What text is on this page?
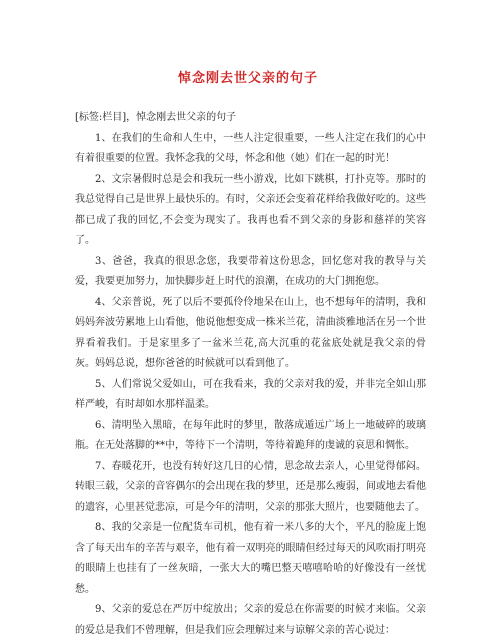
悼念刚去世父亲的句子

[标签:栏目]，悼念刚去世父亲的句子

1、在我们的生命和人生中，一些人注定很重要，一些人注定在我们的心中有着很重要的位置。我怀念我的父母，怀念和他（她）们在一起的时光！

2、文宗暑假时总是会和我玩一些小游戏，比如下跳棋，打扑克等。那时的我总觉得自己是世界上最快乐的。有时，父亲还会变着花样给我做好吃的。这些都已成了我的回忆,不会变为现实了。我再也看不到父亲的身影和慈祥的笑容了。

3、爸爸，我真的很思念您，我要带着这份思念，回忆您对我的教导与关爱，我要更加努力，加快脚步赶上时代的浪潮，在成功的大门拥抱您。

4、父亲普说，死了以后不要孤伶伶地呆在山上，也不想每年的清明，我和妈妈奔波劳累地上山看他，他说他想变成一株米兰花，清曲淡雅地活在另一个世界看着我们。于是家里多了一盆米兰花,高大沉重的花盆底处就是我父亲的骨灰。妈妈总说，想你爸爸的时候就可以看到他了。

5、人们常说父爱如山，可在我看来，我的父亲对我的爱，并非完全如山那样严峻，有时却如水那样温柔。

6、清明坠入黑暗，在每年此时的梦里，散落成遁远广场上一地破碎的玻璃瓶。在无处落脚的**中，等待下一个清明，等待着跪拜的虔诚的哀思和惆怅。

7、春暖花开，也没有转好这几日的心情，思念故去亲人，心里觉得郁闷。转眼三载，父亲的音容偶尔的会出现在我的梦里，还是那么瘦弱，间或地去看他的遗容，心里甚觉悲凉，可是今年的清明，父亲的那张大照片，也要随他去了。

8、我的父亲是一位配货车司机，他有着一米八多的大个，平凡的脸庞上饱含了每天出车的辛苦与艰辛，他有着一双明亮的眼睛但经过每天的风吹雨打明亮的眼睛上也挂有了一丝灰暗，一张大大的嘴巴整天嘻嘻哈哈的好像没有一丝忧愁。

9、父亲的爱总在严厉中绽放出；父亲的爱总在你需要的时候才来临。父亲的爱总是我们不曾理解，但是我们应会理解过来与谅解父亲的苦心说过：
